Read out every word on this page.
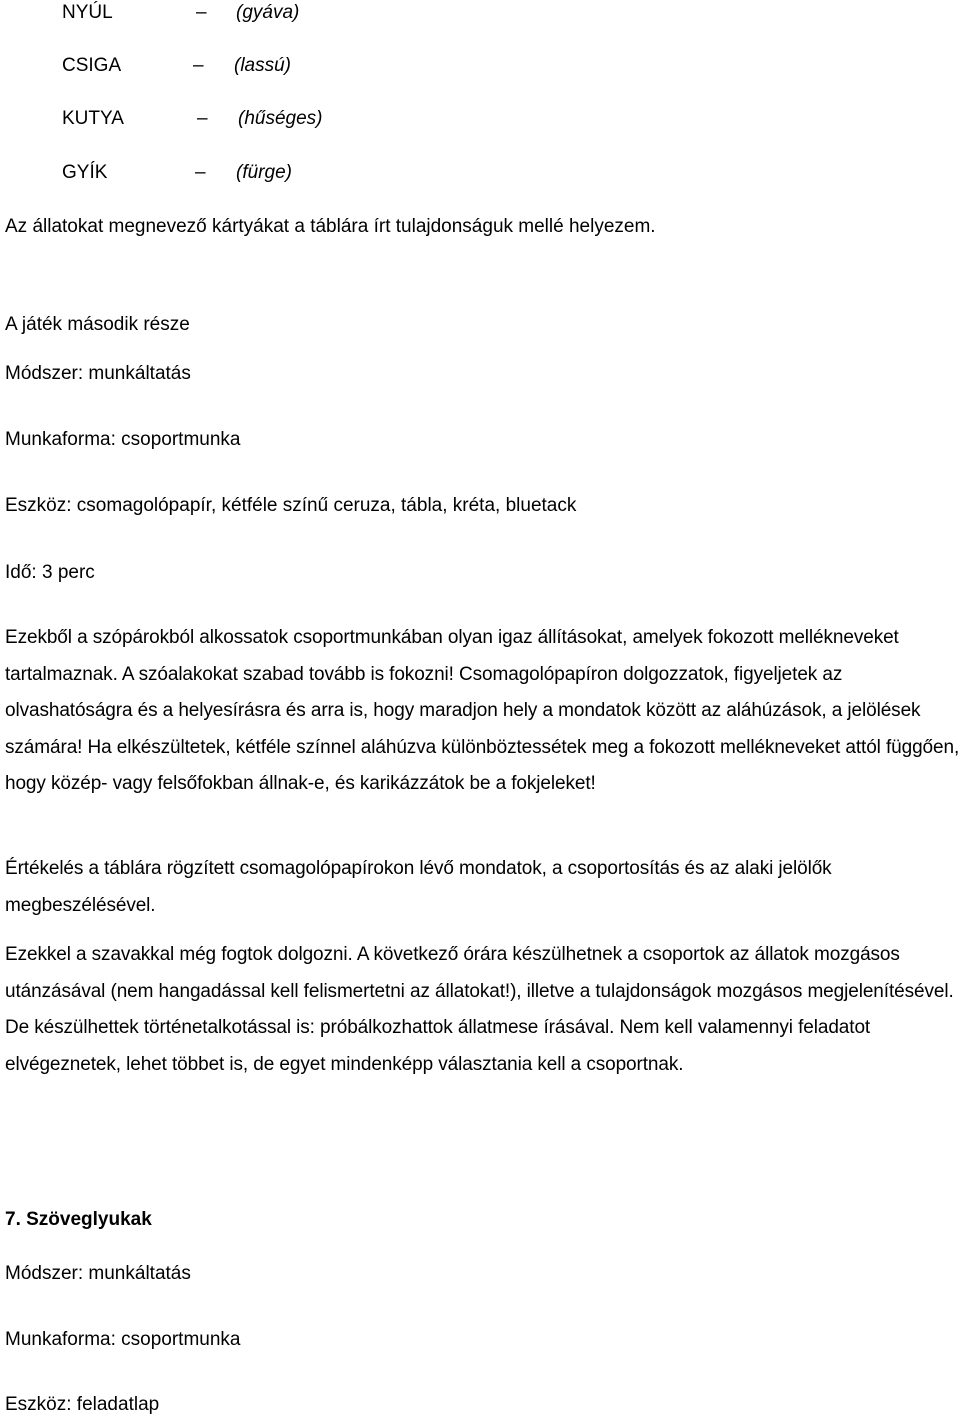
NYÚL	– (gyáva)
CSIGA	– (lassú)
KUTYA	– (hűséges)
GYÍK	– (fürge)
Az állatokat megnevező kártyákat a táblára írt tulajdonságuk mellé helyezem.
A játék második része
Módszer: munkáltatás
Munkaforma: csoportmunka
Eszköz: csomagolópapír, kétféle színű ceruza, tábla, kréta, bluetack
Idő: 3 perc

Ezekből a szópárokból alkossatok csoportmunkában olyan igaz állításokat, amelyek fokozott mellékneveket tartalmaznak. A szóalakokat szabad tovább is fokozni! Csomagolópapíron dolgozzatok, figyeljetek az olvashatóságra és a helyesírásra és arra is, hogy maradjon hely a mondatok között az aláhúzások, a jelölések számára! Ha elkészültetek, kétféle színnel aláhúzva különböztessétek meg a fokozott mellékneveket attól függően, hogy közép- vagy felsőfokban állnak-e, és karikázzátok be a fokjeleket!

Értékelés a táblára rögzített csomagolópapírokon lévő mondatok, a csoportosítás és az alaki jelölők megbeszélésével.

Ezekkel a szavakkal még fogtok dolgozni. A következő órára készülhetnek a csoportok az állatok mozgásos utánzásával (nem hangadással kell felismertetni az állatokat!), illetve a tulajdonságok mozgásos megjelenítésével. De készülhettek történetalkotással is: próbálkozhattok állatmese írásával. Nem kell valamennyi feladatot elvégeznetek, lehet többet is, de egyet mindenképp választania kell a csoportnak.

7. Szöveglyukak
Módszer: munkáltatás
Munkaforma: csoportmunka
Eszköz: feladatlap
